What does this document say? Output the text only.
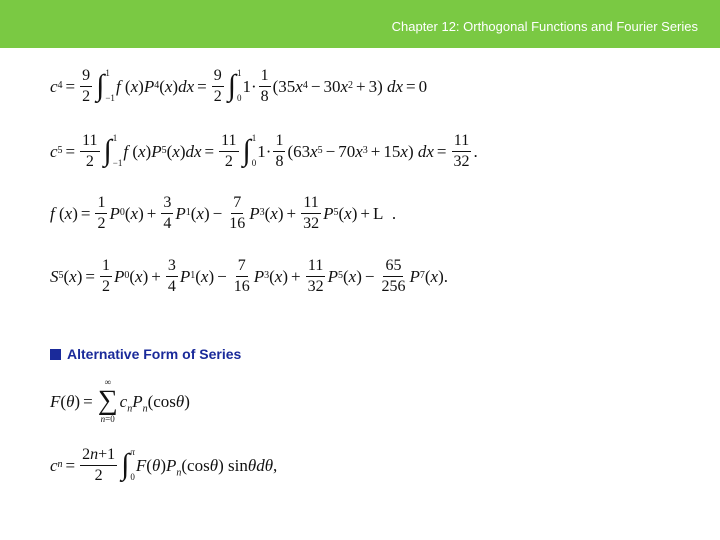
Chapter 12: Orthogonal Functions and Fourier Series
c $4 = \frac{9}{2}$ ∫ 1
−1
f ( x ) P 4 ( x ) dx = $\frac{9}{2}$ ∫ 1
0
$1\cdot \frac{1}{8} (35$ x 4 − 30 x 2 + 3) dx = 0
c $5 = \frac{11}{2}$ ∫ 1
−1
f ( x ) P 5 ( x ) dx = $\frac{11}{2}$ ∫ 1
0
$1\cdot \frac{1}{8} (63$ x 5 − 70 x 3 + 15 x ) dx = $\frac{11}{32}$ .
f ( x ) = $\frac{1}{2}$ P 0 ( x ) + $\frac{3}{4}$ P 1 ( x ) − $\frac{7}{16}$ P 3 ( x ) + $\frac{11}{32}$ P 5 ( x ) + L  .
S 5 ( x ) = $\frac{1}{2}$ P 0 ( x ) + $\frac{3}{4}$ P 1 ( x ) − $\frac{7}{16}$ P 3 ( x ) + $\frac{11}{32}$ P 5 ( x ) − $\frac{65}{256}$ P 7 ( x ).
Alternative Form of Series
F ( θ ) =
∞
∑
n=0
$c_nP_n$ (cos θ )
c $n = \frac{2n+1}{2}$ ∫ π
0
F ( θ ) $P_n$ (cos θ ) sin θ dθ ,
